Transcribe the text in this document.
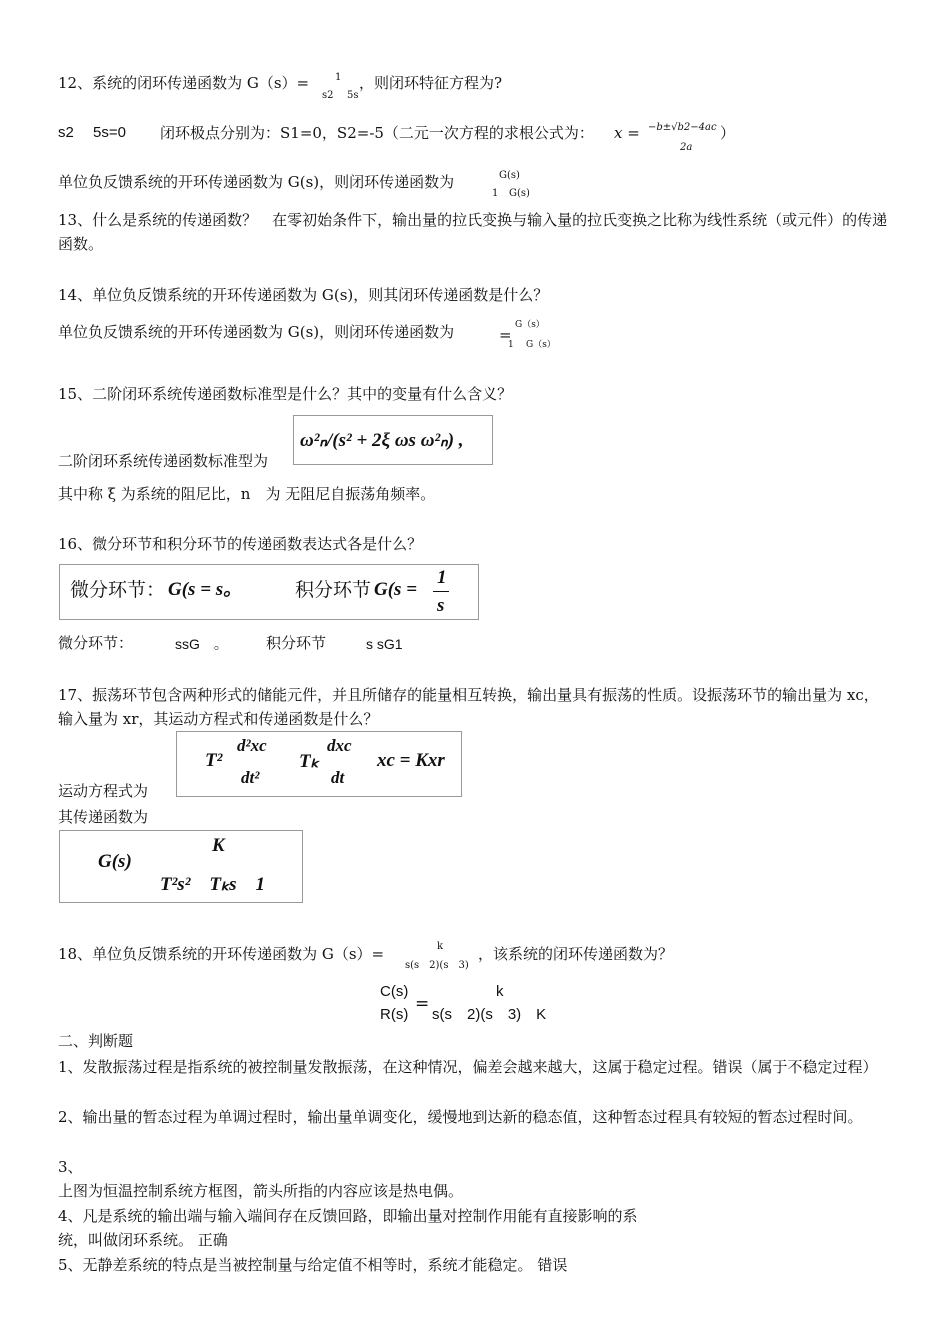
12、系统的闭环传递函数为 G（s）=	1
s2 5s
，则闭环特征方程为?
s2 5s=0 闭环极点分别为：S1=0，S2=-5（二元一次方程的求根公式为： x = −b±√b2−4ac
2a
）
单位负反馈系统的开环传递函数为 G(s)，则闭环传递函数为	G(s)
1 G(s)
13、什么是系统的传递函数？　在零初始条件下，输出量的拉氏变换与输入量的拉氏变换之比称为线性系统（或元件）的传递函数。
14、单位负反馈系统的开环传递函数为 G(s)，则其闭环传递函数是什么？
单位负反馈系统的开环传递函数为 G(s)，则闭环传递函数为	=
G（s）
1 G（s）
15、二阶闭环系统传递函数标准型是什么？其中的变量有什么含义？
二阶闭环系统传递函数标准型为
ω²ₙ/(s² + 2ξ ωs ω²ₙ) ,
其中称 ξ 为系统的阻尼比，n　为 无阻尼自振荡角频率。
16、微分环节和积分环节的传递函数表达式各是什么？
微分环节： G(s = s。	积分环节 G(s =
1
s
微分环节：	ssG　。	积分环节	s sG1
17、振荡环节包含两种形式的储能元件，并且所储存的能量相互转换，输出量具有振荡的性质。设振荡环节的输出量为 xc，输入量为 xr，其运动方程式和传递函数是什么？
T²
d²xc
dt²
Tₖ
dxc
dt
xc = Kxr
运动方程式为
其传递函数为
G(s)
K
T²s²　Tₖs　1
18、单位负反馈系统的开环传递函数为 G（s）=	k
s(s　2)(s　3)
，该系统的闭环传递函数为？
C(s)
R(s)
=
k
s(s　2)(s　3)　K
二、判断题
1、发散振荡过程是指系统的被控制量发散振荡，在这种情况，偏差会越来越大，这属于稳定过程。错误（属于不稳定过程）
2、输出量的暂态过程为单调过程时，输出量单调变化，缓慢地到达新的稳态值，这种暂态过程具有较短的暂态过程时间。
3、
上图为恒温控制系统方框图，箭头所指的内容应该是热电偶。
4、凡是系统的输出端与输入端间存在反馈回路，即输出量对控制作用能有直接影响的系
统，叫做闭环系统。 正确
5、无静差系统的特点是当被控制量与给定值不相等时，系统才能稳定。 错误
